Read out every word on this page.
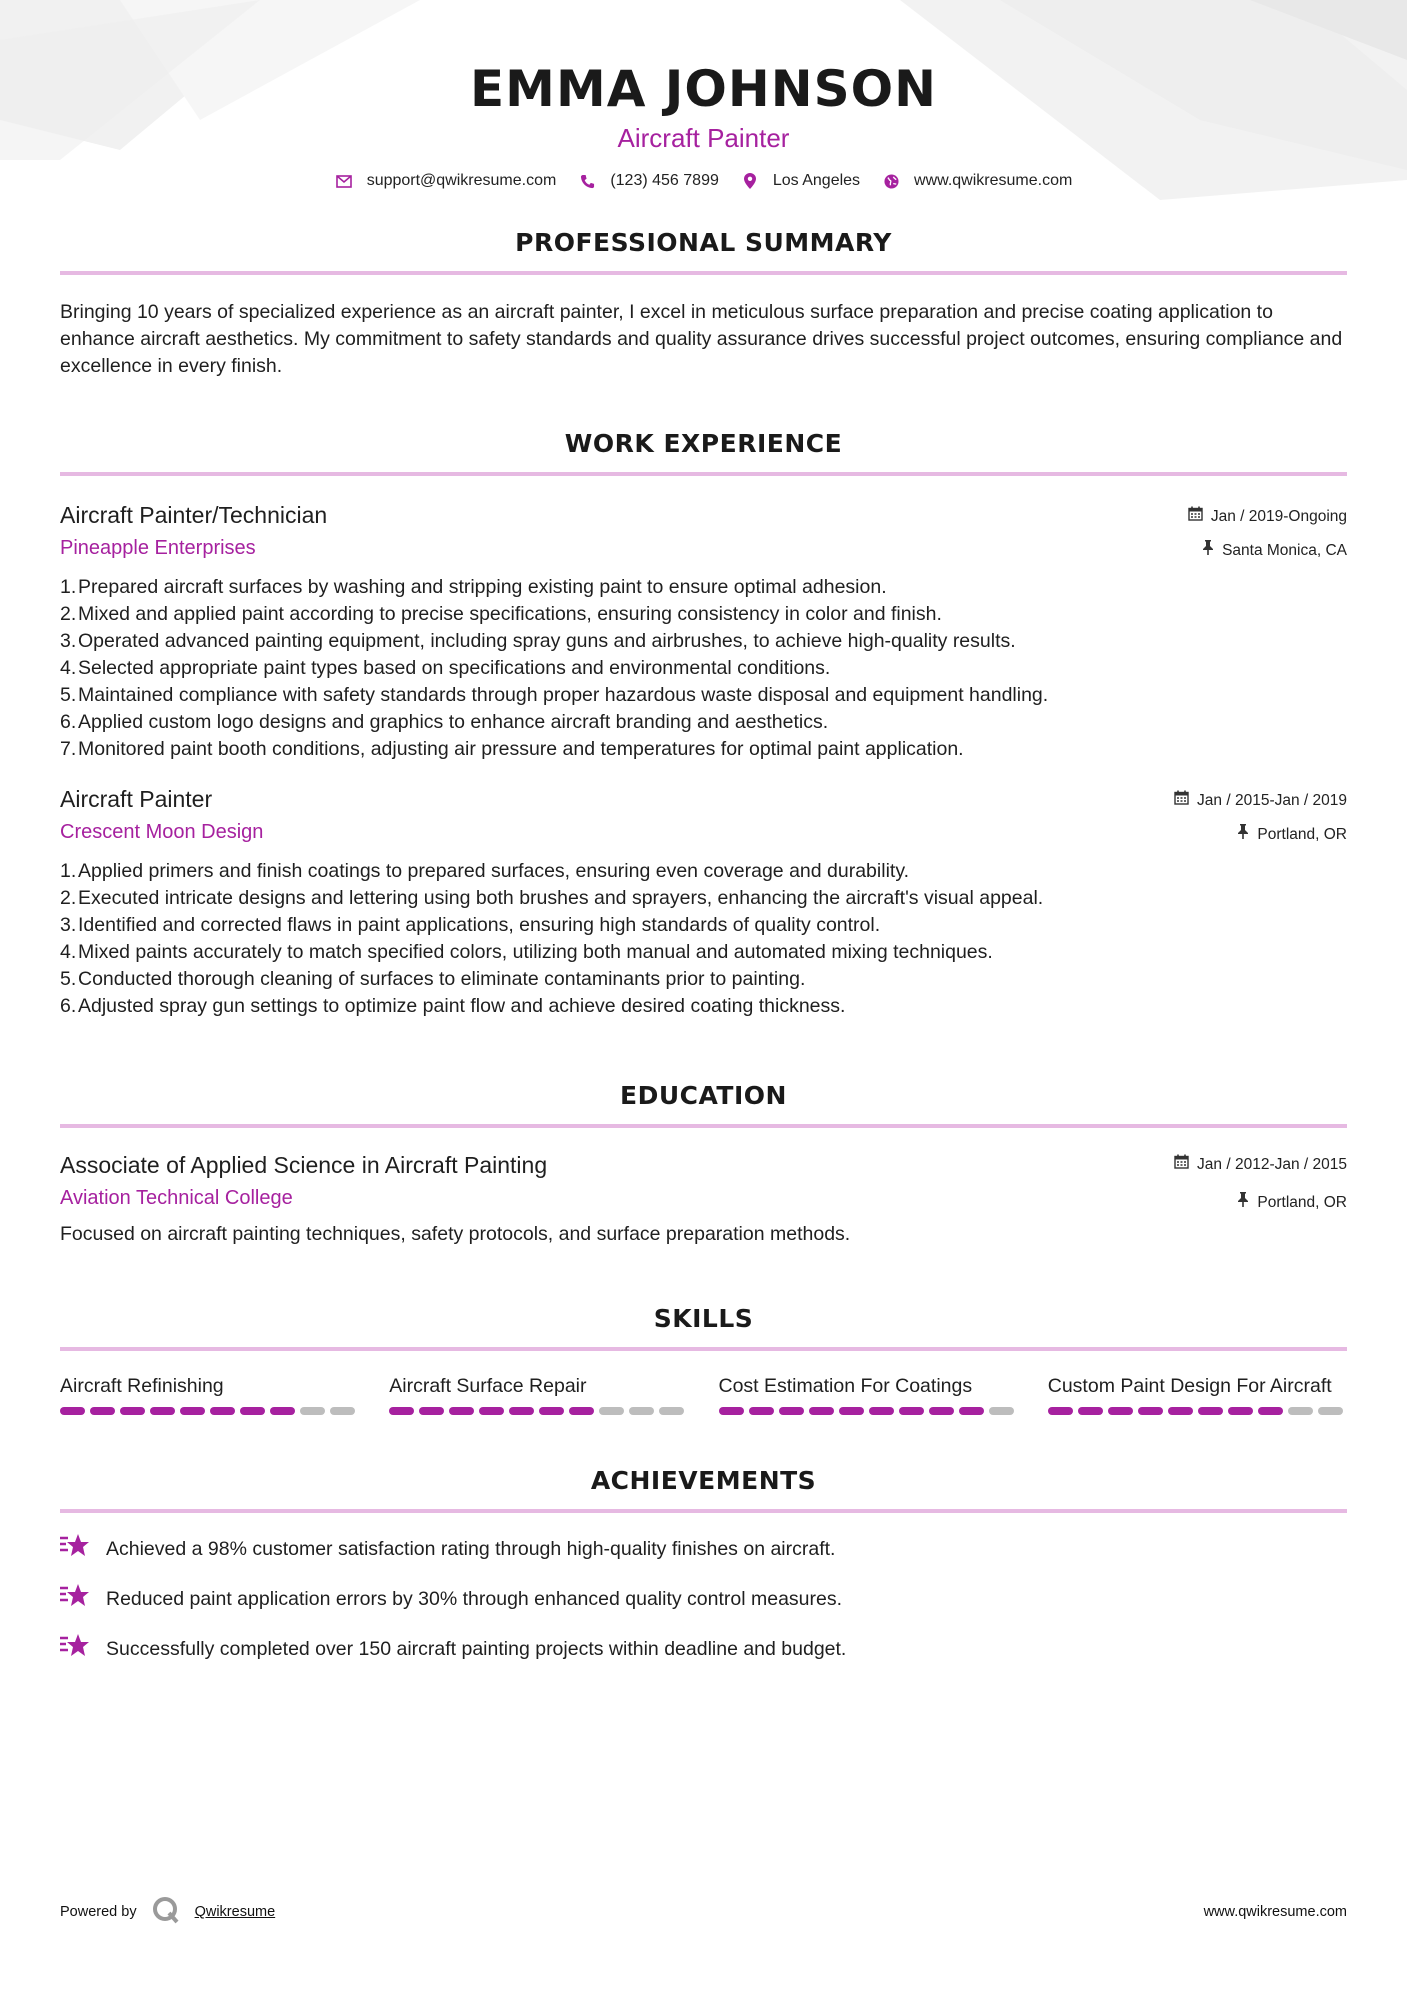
EMMA JOHNSON
Aircraft Painter
support@qwikresume.com	(123) 456 7899	Los Angeles	www.qwikresume.com
PROFESSIONAL SUMMARY
Bringing 10 years of specialized experience as an aircraft painter, I excel in meticulous surface preparation and precise coating application to enhance aircraft aesthetics. My commitment to safety standards and quality assurance drives successful project outcomes, ensuring compliance and excellence in every finish.
WORK EXPERIENCE
Aircraft Painter/Technician
Pineapple Enterprises
Jan / 2019-Ongoing
Santa Monica, CA
1. Prepared aircraft surfaces by washing and stripping existing paint to ensure optimal adhesion.
2. Mixed and applied paint according to precise specifications, ensuring consistency in color and finish.
3. Operated advanced painting equipment, including spray guns and airbrushes, to achieve high-quality results.
4. Selected appropriate paint types based on specifications and environmental conditions.
5. Maintained compliance with safety standards through proper hazardous waste disposal and equipment handling.
6. Applied custom logo designs and graphics to enhance aircraft branding and aesthetics.
7. Monitored paint booth conditions, adjusting air pressure and temperatures for optimal paint application.
Aircraft Painter
Crescent Moon Design
Jan / 2015-Jan / 2019
Portland, OR
1. Applied primers and finish coatings to prepared surfaces, ensuring even coverage and durability.
2. Executed intricate designs and lettering using both brushes and sprayers, enhancing the aircraft's visual appeal.
3. Identified and corrected flaws in paint applications, ensuring high standards of quality control.
4. Mixed paints accurately to match specified colors, utilizing both manual and automated mixing techniques.
5. Conducted thorough cleaning of surfaces to eliminate contaminants prior to painting.
6. Adjusted spray gun settings to optimize paint flow and achieve desired coating thickness.
EDUCATION
Associate of Applied Science in Aircraft Painting
Aviation Technical College
Jan / 2012-Jan / 2015
Portland, OR
Focused on aircraft painting techniques, safety protocols, and surface preparation methods.
SKILLS
Aircraft Refinishing	Aircraft Surface Repair	Cost Estimation For Coatings	Custom Paint Design For Aircraft
ACHIEVEMENTS
Achieved a 98% customer satisfaction rating through high-quality finishes on aircraft.
Reduced paint application errors by 30% through enhanced quality control measures.
Successfully completed over 150 aircraft painting projects within deadline and budget.
Powered by	Qwikresume	www.qwikresume.com
